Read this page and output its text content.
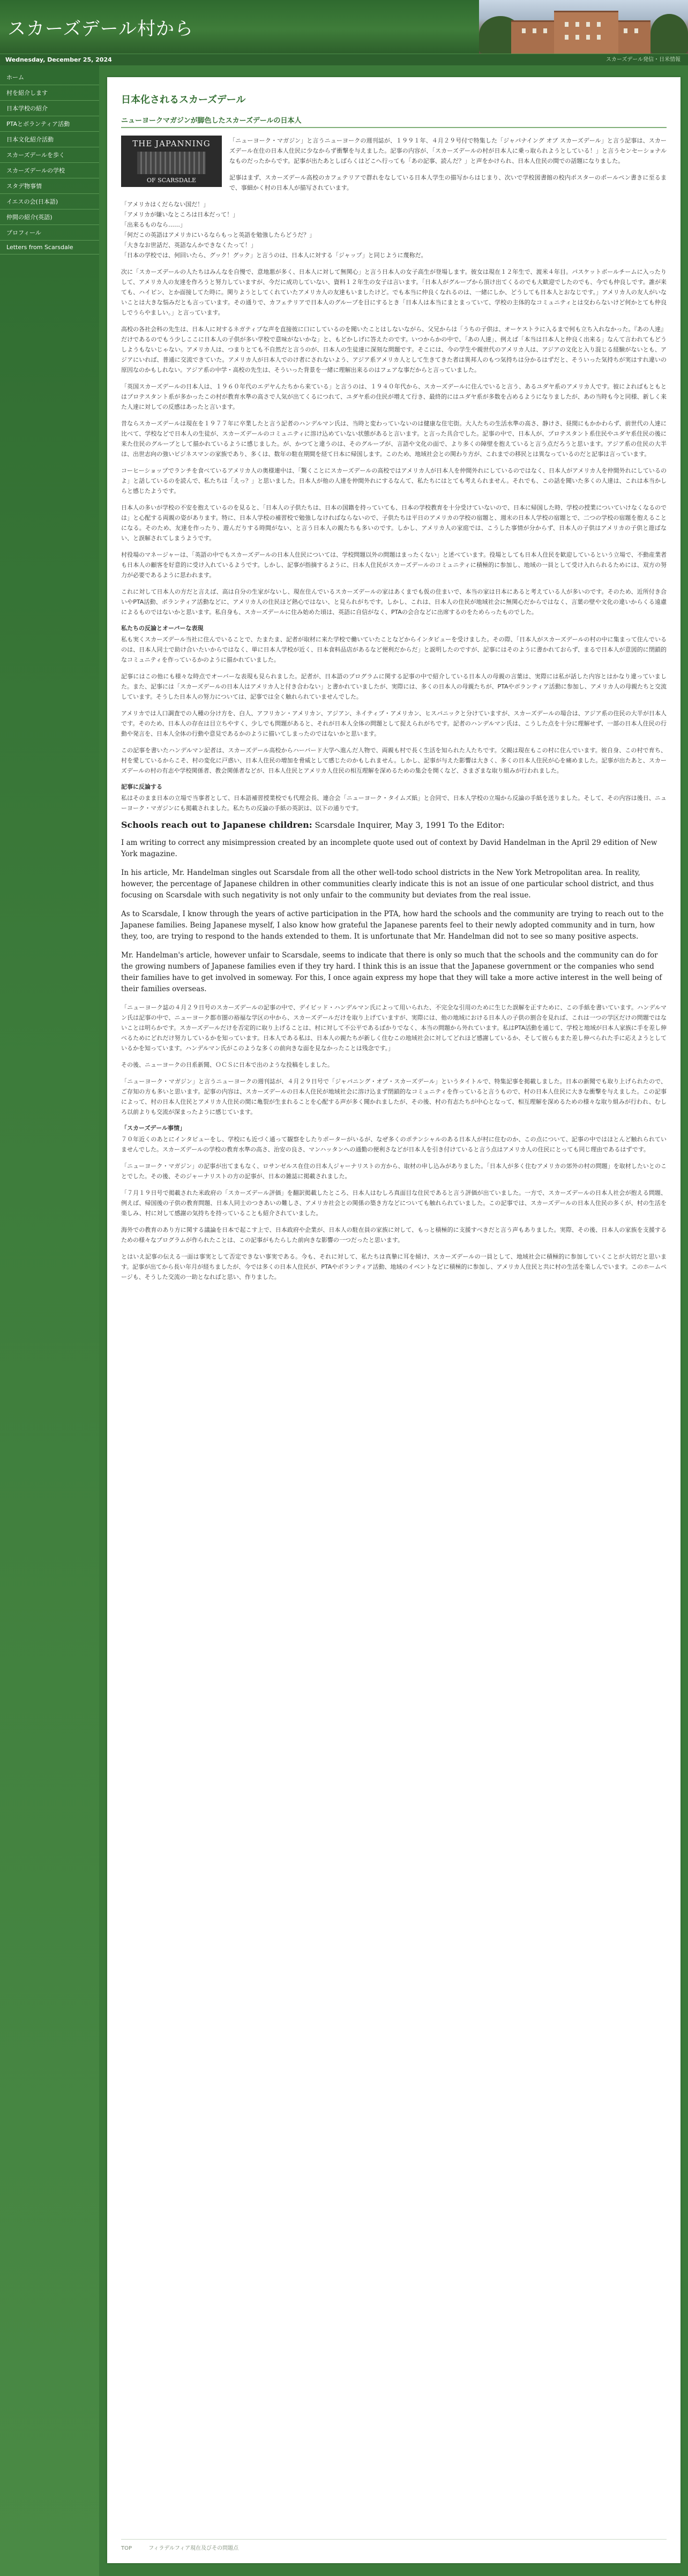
スカーズデール村から
Wednesday, December 25, 2024	スカーズデール発信・日米情報
ホーム
村を紹介します
日本学校の紹介
PTAとボランティア活動
日本文化紹介活動
スカーズデールを歩く
スカーズデールの学校
スタデ物事情
イエスの会(日本語)
仲間の紹介(英語)
プロフィール
Letters from Scarsdale
日本化されるスカーズデール
ニューヨークマガジンが脚色したスカーズデールの日本人
THE JAPANNING
OF SCARSDALE

「ニューヨーク・マガジン」と言うニューヨークの週刊誌が、１９９１年、４月２９号付で特集した「ジャパナイング オブ スカーズデール」と言う記事は、スカーズデール在住の日本人住民に少なからず衝撃を与えました。記事の内容が、「スカーズデールの村が日本人に乗っ取られようとしている！」と言うセンセーショナルなものだったからです。記事が出たあとしばらくはどこへ行っても「あの記事、読んだ？」と声をかけられ、日本人住民の間での話題になりました。

記事はまず、スカーズデール高校のカフェテリアで群れをなしている日本人学生の描写からはじまり、次いで学校図書館の校内ポスターのポールペン書きに至るまで、事細かく村の日本人が描写されています。

「アメリカはくだらない国だ！」
「アメリカが嫌いなところは日本だって！」
「出来るものなら……」
「何だこの英語はアメリカにいるならもっと英語を勉強したらどうだ？」
「大きなお世話だ、英語なんかできなくたって！」
「日本の学校では、何回いたら、グック！グック」と言うのは、日本人に対する「ジャップ」と同じように蔑称だ。

次に「スカーズデールの人たちはみんなを自慢で、意地悪が多く、日本人に対して無関心」と言う日本人の女子高生が登場します。彼女は現在１２年生で、渡米４年目。パスケットボールチームに入ったりして、アメリカ人の友達を作ろうと努力していますが、今だに成功していない、資料１２年生の女子は言います。「日本人がグループから頂け出てくるのでも大歓迎でしたのでも、今でも仲良しです。誰が来ても、ハイピン、とか面接してた時に。関りようとしてくれていたアメリカ人の友達もいましたけど。でも本当に仲良くなれるのは、一緒にしか、どうしても日本人とおなじです。」アメリカ人の友人がいないことは大きな悩みだとも言っています。その通りで、カフェテリアで日本人のグループを目にするとき「日本人は本当にまとまっていて、学校の主体的なコミュニティとは交わらないけど何かとても仲良しでうらやましい。」と言っています。

高校の各社会科の先生は、日本人に対するネガティブな声を直接彼に口にしているのを聞いたことはしないながら、父兄からは「うちの子供は、オーケストラに入るまで何も立ち入れなかった。『あの人達』だけであるのでもう少しここに日本人の子供が多い学校で意味がないかな」と、もどかしげに答えたのです。いつからかの中で、「あの人達」、例えば「本当は日本人と仲良く出来る」なんて言われてもどうしようもないじゃない。アメリカ人は、つまりとても不自然だと言うのが、日本人の生徒達に深刻な問題です。そこには、今の学生や親世代のアメリカ人は、アジアの文化と入り混じる経験がないとも、アジアにいれば、普通に交流できていた。アメリカ人が日本人でのけ者にされないよう、アジア系アメリカ人として生きてきた者は異邦人のもつ気持ちは分かるはずだと、そういった気持ちが実はすれ違いの原因なのかもしれない。アジア系の中学・高校の先生は、そういった背景を一緒に理解出来るのはフェアな事だからと言っていました。

「英国スカーズデールの日本人は、１９６０年代のエデヤんたちから来ている」と言うのは、１９４０年代から、スカーズデールに住んでいると言う、あるユダヤ系のアメリカ人です。彼によればもともとはプロテスタント系が多かったこの村が教育水準の高さで人気が出てくるにつれて、ユダヤ系の住民が増えて行き、最終的にはユダヤ系が多数を占めるようになりましたが、あの当時も今と同様、新しく来た人達に対しての反感はあったと言います。

昔ならスカーズデールは現在を１９７７年に卒業したと言う記者のハンデルマン氏は、当時と変わっていないのは健康な住宅街。大人たちの生活水準の高さ、静けさ、昼間にもかかわらず、前世代の人達に比べて、学校などで日本人の生徒が、スカーズデールのコミュニティに溶け込めていない状態があると言います。と言った具合でした。記事の中で、日本人が、プロテスタント系住民やユダヤ系住民の後に来た住民のグループとして描かれているように感じました。が、かつてと違うのは、そのグループが、言語や文化の面で、より多くの障壁を抱えていると言う点だろうと思います。アジア系の住民の大半は、出世志向の強いビジネスマンの家族であり、多くは、数年の駐在期間を経て日本に帰国します。このため、地域社会との関わり方が、これまでの移民とは異なっているのだと記事は言っています。

コーヒーショップでランチを食べているアメリカ人の奥様連中は、「驚くことにスカーズデールの高校ではアメリカ人が日本人を仲間外れにしているのではなく、日本人がアメリカ人を仲間外れにしているのよ」と話しているのを読んで、私たちは「えっ？」と思いました。日本人が他の人達を仲間外れにするなんて、私たちにはとても考えられません。それでも、この話を聞いた多くの人達は、これは本当かしらと感じたようです。

日本人の多いが学校の不安を抱えているのを見ると、「日本人の子供たちは、日本の国籍を持っていても、日本の学校教育を十分受けていないので、日本に帰国した時、学校の授業についていけなくなるのでは」と心配する両親の姿があります。特に、日本人学校の補習校で勉強しなければならないので、子供たちは平日のアメリカの学校の宿題と、週末の日本人学校の宿題とで、二つの学校の宿題を抱えることになる。そのため、友達を作ったり、遊んだりする時間がない、と言う日本人の親たちも多いのです。しかし、アメリカ人の家庭では、こうした事情が分からず、日本人の子供はアメリカの子供と遊ばない、と誤解されてしまうようです。

村役場のマネージャーは、「英語の中でもスカーズデールの日本人住民については、学校問題以外の問題はまったくない」と述べています。役場としても日本人住民を歓迎しているという立場で、不動産業者も日本人の顧客を好意的に受け入れているようです。しかし、記事が指摘するように、日本人住民がスカーズデールのコミュニティに積極的に参加し、地域の一員として受け入れられるためには、双方の努力が必要であるように思われます。

これに対して日本人の方だと言えば、高は自分の生家がないし、現在住んでいるスカーズデールの家はあくまでも仮の住まいで、本当の家は日本にあると考えている人が多いのです。そのため、近所付き合いやPTA活動、ボランティア活動などに、アメリカ人の住民ほど熱心ではない、と見られがちです。しかし、これは、日本人の住民が地域社会に無関心だからではなく、言葉の壁や文化の違いからくる遠慮によるものではないかと思います。私自身も、スカーズデールに住み始めた頃は、英語に自信がなく、PTAの会合などに出席するのをためらったものでした。

私たちの反論とオーバーな表現

私も実くスカーズデール当社に住んでいることで、たまたま、記者が取材に来た学校で働いていたことなどからインタビューを受けました。その際、「日本人がスカーズデールの村の中に集まって住んでいるのは、日本人同士で助け合いたいからではなく、単に日本人学校が近く、日本食料品店があるなど便利だからだ」と説明したのですが、記事にはそのように書かれておらず、まるで日本人が意図的に閉鎖的なコミュニティを作っているかのように描かれていました。

記事にはこの他にも様々な時点でオーバーな表現も見られました。記者が、日本語のプログラムに関する記事の中で紹介している日本人の母親の言葉は、実際には私が話した内容とはかなり違っていました。また、記事には「スカーズデールの日本人はアメリカ人と付き合わない」と書かれていましたが、実際には、多くの日本人の母親たちが、PTAやボランティア活動に参加し、アメリカ人の母親たちと交流しています。そうした日本人の努力については、記事では全く触れられていませんでした。

アメリカでは人口調査での人種の分け方を、白人、アフリカン・アメリカン、アジアン、ネイティブ・アメリカン、ヒスパニックと分けていますが、スカーズデールの場合は、アジア系の住民の大半が日本人です。そのため、日本人の存在は目立ちやすく、少しでも問題があると、それが日本人全体の問題として捉えられがちです。記者のハンデルマン氏は、こうした点を十分に理解せず、一部の日本人住民の行動や発言を、日本人全体の行動や意見であるかのように描いてしまったのではないかと思います。

この記事を書いたハンデルマン記者は、スカーズデール高校からハーバード大学へ進んだ人物で、両親も村で長く生活を知られた人たちです。父親は現在もこの村に住んでいます。彼自身、この村で育ち、村を愛しているからこそ、村の変化に戸惑い、日本人住民の増加を脅威として感じたのかもしれません。しかし、記事が与えた影響は大きく、多くの日本人住民が心を痛めました。記事が出たあと、スカーズデールの村の有志や学校関係者、教会関係者などが、日本人住民とアメリカ人住民の相互理解を深めるための集会を開くなど、さまざまな取り組みが行われました。

記事に反論する

私はそのまま日本の立場で当事者として、日本語補習授業校でも代理会長、連合会「ニューヨーク・タイムズ紙」と合同で、日本人学校の立場から反論の手紙を送りました。そして、その内容は後日、ニューヨーク・マガジンにも掲載されました。私たちの反論の手紙の英訳は、以下の通りです。

Schools reach out to Japanese children: Scarsdale Inquirer, May 3, 1991 To the Editor:

I am writing to correct any misimpression created by an incomplete quote used out of context by David Handelman in the April 29 edition of New York magazine.

In his article, Mr. Handelman singles out Scarsdale from all the other well-todo school districts in the New York Metropolitan area. In reality, however, the percentage of Japanese children in other communities clearly indicate this is not an issue of one particular school district, and thus focusing on Scarsdale with such negativity is not only unfair to the community but deviates from the real issue.

As to Scarsdale, I know through the years of active participation in the PTA, how hard the schools and the community are trying to reach out to the Japanese families. Being Japanese myself, I also know how grateful the Japanese parents feel to their newly adopted community and in turn, how they, too, are trying to respond to the hands extended to them. It is unfortunate that Mr. Handelman did not to see so many positive aspects.

Mr. Handelman's article, however unfair to Scarsdale, seems to indicate that there is only so much that the schools and the community can do for the growing numbers of Japanese families even if they try hard. I think this is an issue that the Japanese government or the companies who send their families have to get involved in someway. For this, I once again express my hope that they will take a more active interest in the well being of their families overseas.

「ニューヨーク誌の４月２９日号のスカーズデールの記事の中で、デイビッド・ハンデルマン氏によって用いられた、不完全な引用のために生じた誤解を正すために、この手紙を書いています。ハンデルマン氏は記事の中で、ニューヨーク都市圏の裕福な学区の中から、スカーズデールだけを取り上げていますが、実際には、他の地域における日本人の子供の割合を見れば、これは一つの学区だけの問題ではないことは明らかです。スカーズデールだけを否定的に取り上げることは、村に対して不公平であるばかりでなく、本当の問題から外れています。私はPTA活動を通じて、学校と地域が日本人家族に手を差し伸べるためにどれだけ努力しているかを知っています。日本人である私は、日本人の親たちが新しく住むこの地域社会に対してどれほど感謝しているか、そして彼らもまた差し伸べられた手に応えようとしているかを知っています。ハンデルマン氏がこのような多くの前向きな面を見なかったことは残念です。」

その後、ニューヨークの日系新聞、ＯＣＳに日本で出のような投稿をしました。

「ニューヨーク・マガジン」と言うニューヨークの週刊誌が、４月２９日号で「ジャパニング・オブ・スカーズデール」というタイトルで、特集記事を掲載しました。日本の新聞でも取り上げられたので、ご存知の方も多いと思います。記事の内容は、スカーズデールの日本人住民が地域社会に溶け込まず閉鎖的なコミュニティを作っていると言うもので、村の日本人住民に大きな衝撃を与えました。この記事によって、村の日本人住民とアメリカ人住民の間に亀裂が生まれることを心配する声が多く聞かれましたが、その後、村の有志たちが中心となって、相互理解を深めるための様々な取り組みが行われ、むしろ以前よりも交流が深まったように感じています。

「スカーズデール事情」

７０年近くのあとにインタビューをし、学校にも近づく通って観察をしたりポーターがいるが、なぜ多くのポテンシャルのある日本人が村に住むのか、この点について、記事の中ではほとんど触れられていませんでした。スカーズデールの学校の教育水準の高さ、治安の良さ、マンハッタンへの通勤の便利さなどが日本人を引き付けていると言う点はアメリカ人の住民にとっても同じ理由であるはずです。

「ニューヨーク・マガジン」の記事が出てまもなく、ロサンゼルス在住の日本人ジャーナリストの方から、取材の申し込みがありました。「日本人が多く住むアメリカの郊外の村の問題」を取材したいとのことでした。その後、そのジャーナリストの方の記事が、日本の雑誌に掲載されました。

「７月１９日号で掲載された米政府の「スカーズデール評価」を翻訳掲載したところ、日本人はむしろ真面目な住民であると言う評価が出ていました。一方で、スカーズデールの日本人社会が抱える問題、例えば、帰国後の子供の教育問題、日本人同士のつきあいの難しさ、アメリカ社会との関係の築き方などについても触れられていました。この記事では、スカーズデールの日本人住民の多くが、村の生活を楽しみ、村に対して感謝の気持ちを持っていることも紹介されていました。

海外での教育のあり方に関する議論を日本で起こす上で、日本政府や企業が、日本人の駐在員の家族に対して、もっと積極的に支援すべきだと言う声もありました。実際、その後、日本人の家族を支援するための様々なプログラムが作られたことは、この記事がもたらした前向きな影響の一つだったと思います。

とはいえ記事の伝える一面は事実として否定できない事実である。今も、それに対して、私たちは真摯に耳を傾け、スカーズデールの一員として、地域社会に積極的に参加していくことが大切だと思います。記事が出てから長い年月が経ちましたが、今では多くの日本人住民が、PTAやボランティア活動、地域のイベントなどに積極的に参加し、アメリカ人住民と共に村の生活を楽しんでいます。このホームページも、そうした交流の一助となればと思い、作りました。

TOP	フィラデルフィア現在及びその問題点
